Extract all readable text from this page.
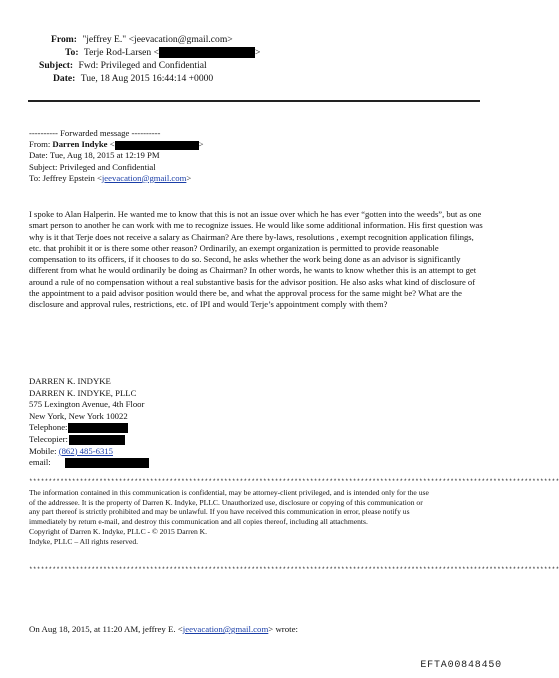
From: "jeffrey E." <jeevacation@gmail.com>
To: Terje Rod-Larsen <	>
Subject: Fwd: Privileged and Confidential
Date: Tue, 18 Aug 2015 16:44:14 +0000
---------- Forwarded message ----------
From: Darren Indyke <	>
Date: Tue, Aug 18, 2015 at 12:19 PM
Subject: Privileged and Confidential
To: Jeffrey Epstein <jeevacation@gmail.com>
I spoke to Alan Halperin. He wanted me to know that this is not an issue over which he has ever “gotten into the weeds”, but as one smart person to another he can work with me to recognize issues. He would like some additional information. His first question was why is it that Terje does not receive a salary as Chairman? Are there by-laws, resolutions , exempt recognition application filings, etc. that prohibit it or is there some other reason? Ordinarily, an exempt organization is permitted to provide reasonable compensation to its officers, if it chooses to do so. Second, he asks whether the work being done as an advisor is significantly different from what he would ordinarily be doing as Chairman? In other words, he wants to know whether this is an attempt to get around a rule of no compensation without a real substantive basis for the advisor position. He also asks what kind of disclosure of the appointment to a paid advisor position would there be, and what the approval process for the same might be? What are the disclosure and approval rules, restrictions, etc. of IPI and would Terje’s appointment comply with them?
DARREN K. INDYKE
DARREN K. INDYKE, PLLC
575 Lexington Avenue, 4th Floor
New York, New York 10022
Telephone:
Telecopier:
Mobile: (862) 485-6315
email:
****************************************************************************************************************************************
The information contained in this communication is confidential, may be attorney-client privileged, and is intended only for the use of the addressee. It is the property of Darren K. Indyke, PLLC. Unauthorized use, disclosure or copying of this communication or any part thereof is strictly prohibited and may be unlawful. If you have received this communication in error, please notify us immediately by return e-mail, and destroy this communication and all copies thereof, including all attachments.
Copyright of Darren K. Indyke, PLLC - © 2015 Darren K.
Indyke, PLLC – All rights reserved.
****************************************************************************************************************************************
On Aug 18, 2015, at 11:20 AM, jeffrey E. <jeevacation@gmail.com> wrote:
EFTA00848450
